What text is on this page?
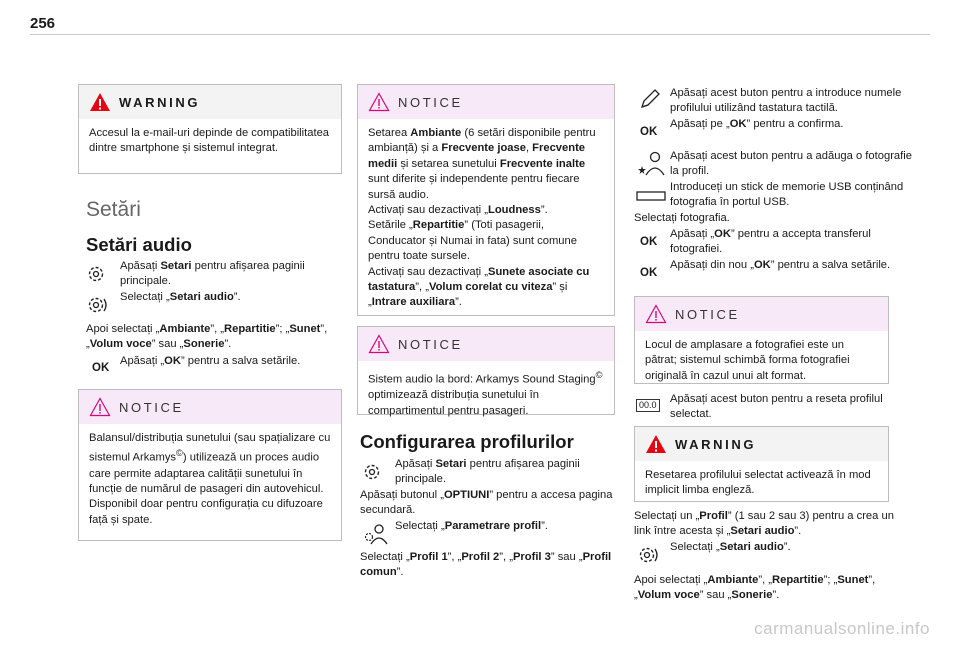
256
WARNING
Accesul la e-mail-uri depinde de compatibilitatea dintre smartphone și sistemul integrat.
Setări
Setări audio
Apăsați Setari pentru afișarea paginii principale.
Selectați „Setari audio”.
Apoi selectați „Ambiante”, „Repartitie”; „Sunet”, „Volum voce” sau „Sonerie”.
OK
Apăsați „OK” pentru a salva setările.
NOTICE
Balansul/distribuția sunetului (sau spațializare cu sistemul Arkamys©) utilizează un proces audio care permite adaptarea calității sunetului în funcție de numărul de pasageri din autovehicul.
Disponibil doar pentru configurația cu difuzoare față și spate.
NOTICE
Setarea Ambiante (6 setări disponibile pentru ambianță) și a Frecvente joase, Frecvente medii și setarea sunetului Frecvente inalte sunt diferite și independente pentru fiecare sursă audio.
Activați sau dezactivați „Loudness”.
Setările „Repartitie” (Toti pasagerii, Conducator și Numai in fata) sunt comune pentru toate sursele.
Activați sau dezactivați „Sunete asociate cu tastatura”, „Volum corelat cu viteza” și „Intrare auxiliara”.
NOTICE
Sistem audio la bord: Arkamys Sound Staging© optimizează distribuția sunetului în compartimentul pentru pasageri.
Configurarea profilurilor
Apăsați Setari pentru afișarea paginii principale.
Apăsați butonul „OPTIUNI” pentru a accesa pagina secundară.
Selectați „Parametrare profil”.
Selectați „Profil 1”, „Profil 2”, „Profil 3” sau „Profil comun”.
Apăsați acest buton pentru a introduce numele profilului utilizând tastatura tactilă.
OK
Apăsați pe „OK” pentru a confirma.
Apăsați acest buton pentru a adăuga o fotografie la profil.
Introduceți un stick de memorie USB conținând fotografia în portul USB.
Selectați fotografia.
OK
Apăsați „OK” pentru a accepta transferul fotografiei.
OK
Apăsați din nou „OK” pentru a salva setările.
NOTICE
Locul de amplasare a fotografiei este un pătrat; sistemul schimbă forma fotografiei originală în cazul unui alt format.
00.0 Apăsați acest buton pentru a reseta profilul selectat.
WARNING
Resetarea profilului selectat activează în mod implicit limba engleză.
Selectați un „Profil” (1 sau 2 sau 3) pentru a crea un link între acesta și „Setari audio”.
Selectați „Setari audio”.
Apoi selectați „Ambiante”, „Repartitie”; „Sunet”, „Volum voce” sau „Sonerie”.
carmanualsonline.info
